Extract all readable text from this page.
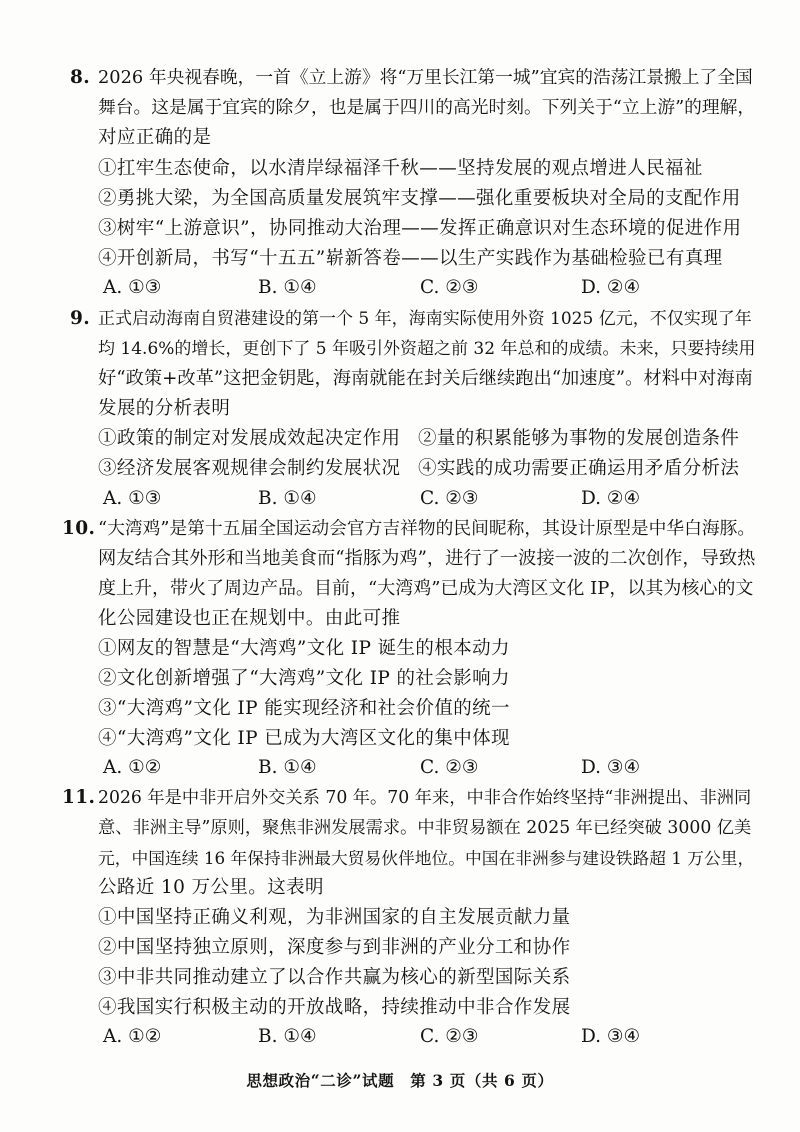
8. 2026 年央视春晚，一首《立上游》将“万里长江第一城”宜宾的浩荡江景搬上了全国
舞台。这是属于宜宾的除夕，也是属于四川的高光时刻。下列关于“立上游”的理解，
对应正确的是
①扛牢生态使命，以水清岸绿福泽千秋——坚持发展的观点增进人民福祉
②勇挑大梁，为全国高质量发展筑牢支撑——强化重要板块对全局的支配作用
③树牢“上游意识”，协同推动大治理——发挥正确意识对生态环境的促进作用
④开创新局，书写“十五五”崭新答卷——以生产实践作为基础检验已有真理
A. ①③	B. ①④	C. ②③	D. ②④
9. 正式启动海南自贸港建设的第一个 5 年，海南实际使用外资 1025 亿元，不仅实现了年
均 14.6%的增长，更创下了 5 年吸引外资超之前 32 年总和的成绩。未来，只要持续用
好“政策+改革”这把金钥匙，海南就能在封关后继续跑出“加速度”。材料中对海南
发展的分析表明
①政策的制定对发展成效起决定作用 ②量的积累能够为事物的发展创造条件
③经济发展客观规律会制约发展状况 ④实践的成功需要正确运用矛盾分析法
A. ①③	B. ①④	C. ②③	D. ②④
10. “大湾鸡”是第十五届全国运动会官方吉祥物的民间昵称，其设计原型是中华白海豚。
网友结合其外形和当地美食而“指豚为鸡”，进行了一波接一波的二次创作，导致热
度上升，带火了周边产品。目前，“大湾鸡”已成为大湾区文化 IP，以其为核心的文
化公园建设也正在规划中。由此可推
①网友的智慧是“大湾鸡”文化 IP 诞生的根本动力
②文化创新增强了“大湾鸡”文化 IP 的社会影响力
③“大湾鸡”文化 IP 能实现经济和社会价值的统一
④“大湾鸡”文化 IP 已成为大湾区文化的集中体现
A. ①②	B. ①④	C. ②③	D. ③④
11. 2026 年是中非开启外交关系 70 年。70 年来，中非合作始终坚持“非洲提出、非洲同
意、非洲主导”原则，聚焦非洲发展需求。中非贸易额在 2025 年已经突破 3000 亿美
元，中国连续 16 年保持非洲最大贸易伙伴地位。中国在非洲参与建设铁路超 1 万公里，
公路近 10 万公里。这表明
①中国坚持正确义利观，为非洲国家的自主发展贡献力量
②中国坚持独立原则，深度参与到非洲的产业分工和协作
③中非共同推动建立了以合作共赢为核心的新型国际关系
④我国实行积极主动的开放战略，持续推动中非合作发展
A. ①②	B. ①④	C. ②③	D. ③④
思想政治“二诊”试题　第 3 页（共 6 页）
